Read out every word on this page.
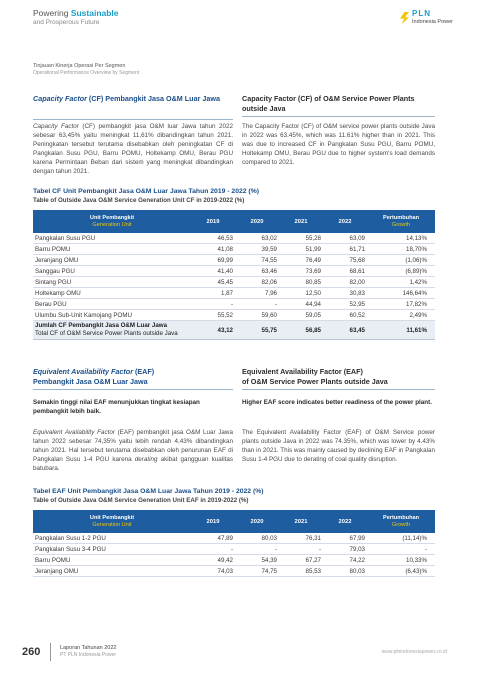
Powering Sustainable
and Prosperous Future
PLN
Indonesia Power
Tinjauan Kinerja Operasi Per Segmen
Operational Performance Overview by Segment
Capacity Factor (CF) Pembangkit Jasa O&M Luar Jawa	Capacity Factor (CF) of O&M Service Power Plants outside Java
Capacity Factor (CF) pembangkit jasa O&M luar Jawa tahun 2022 sebesar 63,45% yaitu meningkat 11,61% dibandingkan tahun 2021. Peningkatan tersebut terutama disebabkan oleh peningkatan CF di Pangkalan Susu PGU, Barru POMU, Holtekamp OMU, Berau PGU karena Permintaan Beban dari sistem yang meningkat dibandingkan dengan tahun 2021.
The Capacity Factor (CF) of O&M service power plants outside Java in 2022 was 63.45%, which was 11.61% higher than in 2021. This was due to increased CF in Pangkalan Susu PGU, Barru POMU, Holtekamp OMU, Berau PGU due to higher system's load demands compared to 2021.
Tabel CF Unit Pembangkit Jasa O&M Luar Jawa Tahun 2019 - 2022 (%)
Table of Outside Java O&M Service Generation Unit CF in 2019-2022 (%)
Unit Pembangkit
Generation Unit	2019	2020	2021	2022
Pertumbuhan
Growth
Pangkalan Susu PGU	46,53	63,02	55,28	63,09	14,13%
Barru POMU	41,08	39,59	51,99	61,71	18,70%
Jeranjang OMU	69,99	74,55	76,49	75,68	(1,06)%
Sanggau PGU	41,40	63,46	73,69	68,61	(6,89)%
Sintang PGU	45,45	82,06	80,85	82,00	1,42%
Holtekamp OMU	1,87	7,96	12,50	30,83	146,64%
Berau PGU	-	-	44,94	52,95	17,82%
Ulumbu Sub-Unit Kamojang POMU	55,52	59,60	59,05	60,52	2,49%
Jumlah CF Pembangkit Jasa O&M Luar Jawa
Total CF of O&M Service Power Plants outside Java	43,12	55,75	56,85	63,45	11,61%
Equivalent Availability Factor (EAF)
Pembangkit Jasa O&M Luar Jawa
Equivalent Availability Factor (EAF)
of O&M Service Power Plants outside Java
Semakin tinggi nilai EAF menunjukkan tingkat kesiapan pembangkit lebih baik.
Higher EAF score indicates better readiness of the power plant.
Equivalent Availability Factor (EAF) pembangkit jasa O&M Luar Jawa tahun 2022 sebesar 74,35% yaitu lebih rendah 4,43% dibandingkan tahun 2021. Hal tersebut terutama disebabkan oleh penurunan EAF di Pangkalan Susu 1-4 PGU karena derating akibat gangguan kualitas batubara.
The Equivalent Availability Factor (EAF) of O&M Service power plants outside Java in 2022 was 74.35%, which was lower by 4.43% than in 2021. This was mainly caused by declining EAF in Pangkalan Susu 1-4 PGU due to derating of coal quality disruption.
Tabel EAF Unit Pembangkit Jasa O&M Luar Jawa Tahun 2019 - 2022 (%)
Table of Outside Java O&M Service Generation Unit EAF in 2019-2022 (%)
Unit Pembangkit
Generation Unit	2019	2020	2021	2022
Pertumbuhan
Growth
Pangkalan Susu 1-2 PGU	47,89	80,03	76,31	67,99	(11,14)%
Pangkalan Susu 3-4 PGU	-	-	-	79,03	-
Barru POMU	49,42	54,39	67,27	74,22	10,33%
Jeranjang OMU	74,03	74,75	85,53	80,03	(6,43)%
260	Laporan Tahunan 2022
PT PLN Indonesia Power	www.plnindonesiapower.co.id
